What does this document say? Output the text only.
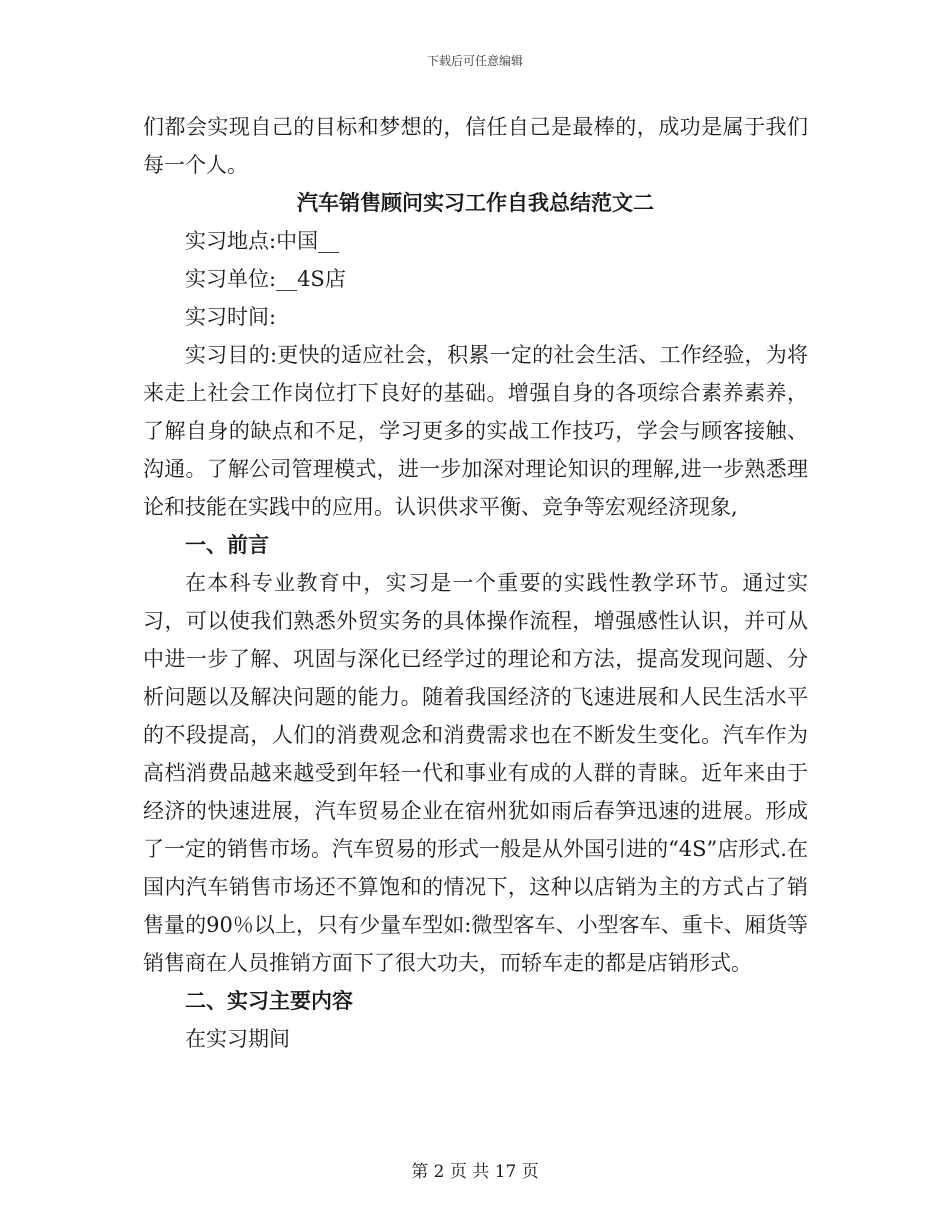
下载后可任意编辑

们都会实现自己的目标和梦想的，信任自己是最棒的，成功是属于我们每一个人。

汽车销售顾问实习工作自我总结范文二

实习地点:中国__

实习单位:__4S店

实习时间:

实习目的:更快的适应社会，积累一定的社会生活、工作经验，为将来走上社会工作岗位打下良好的基础。增强自身的各项综合素养素养，了解自身的缺点和不足，学习更多的实战工作技巧，学会与顾客接触、沟通。了解公司管理模式，进一步加深对理论知识的理解,进一步熟悉理论和技能在实践中的应用。认识供求平衡、竞争等宏观经济现象,

一、前言

在本科专业教育中，实习是一个重要的实践性教学环节。通过实习，可以使我们熟悉外贸实务的具体操作流程，增强感性认识，并可从中进一步了解、巩固与深化已经学过的理论和方法，提高发现问题、分析问题以及解决问题的能力。随着我国经济的飞速进展和人民生活水平的不段提高，人们的消费观念和消费需求也在不断发生变化。汽车作为高档消费品越来越受到年轻一代和事业有成的人群的青睐。近年来由于经济的快速进展，汽车贸易企业在宿州犹如雨后春笋迅速的进展。形成了一定的销售市场。汽车贸易的形式一般是从外国引进的“4S”店形式.在国内汽车销售市场还不算饱和的情况下，这种以店销为主的方式占了销售量的90％以上，只有少量车型如:微型客车、小型客车、重卡、厢货等销售商在人员推销方面下了很大功夫，而轿车走的都是店销形式。

二、实习主要内容

在实习期间

第 2 页 共 17 页
